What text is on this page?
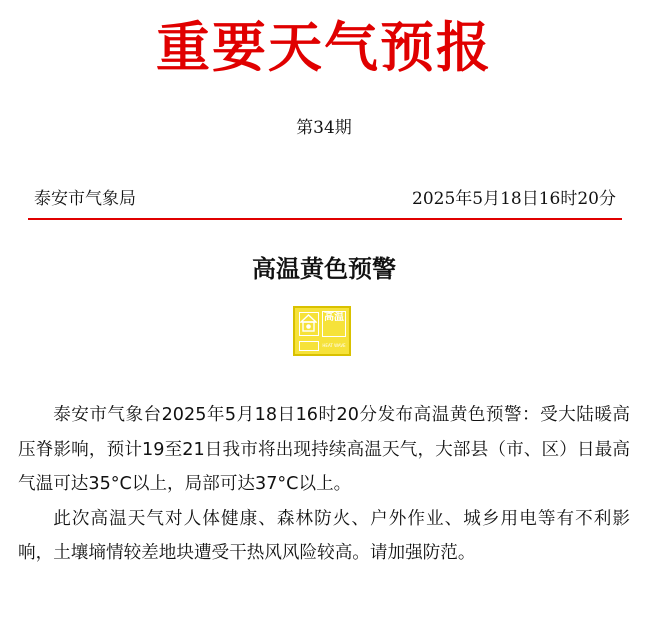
重要天气预报
第34期
泰安市气象局	2025年5月18日16时20分
高温黄色预警
高温
HEAT WAVE

泰安市气象台2025年5月18日16时20分发布高温黄色预警：受大陆暖高压脊影响，预计19至21日我市将出现持续高温天气，大部县（市、区）日最高气温可达35°C以上，局部可达37°C以上。

此次高温天气对人体健康、森林防火、户外作业、城乡用电等有不利影响，土壤墒情较差地块遭受干热风风险较高。请加强防范。
